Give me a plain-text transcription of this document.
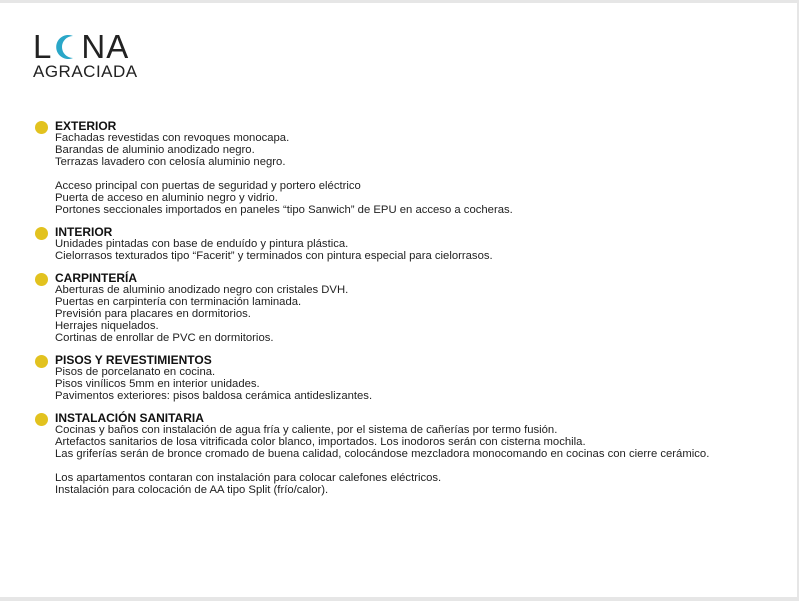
L NA
AGRACIADA
EXTERIOR
Fachadas revestidas con revoques monocapa.
Barandas de aluminio anodizado negro.
Terrazas lavadero con celosía aluminio negro.
Acceso principal con puertas de seguridad y portero eléctrico
Puerta de acceso en aluminio negro y vidrio.
Portones seccionales importados en paneles “tipo Sanwich” de EPU en acceso a cocheras.
INTERIOR
Unidades pintadas con base de enduído y pintura plástica.
Cielorrasos texturados tipo “Facerit” y terminados con pintura especial para cielorrasos.
CARPINTERÍA
Aberturas de aluminio anodizado negro con cristales DVH.
Puertas en carpintería con terminación laminada.
Previsión para placares en dormitorios.
Herrajes niquelados.
Cortinas de enrollar de PVC en dormitorios.
PISOS Y REVESTIMIENTOS
Pisos de porcelanato en cocina.
Pisos vinílicos 5mm en interior unidades.
Pavimentos exteriores: pisos baldosa cerámica antideslizantes.
INSTALACIÓN SANITARIA
Cocinas y baños con instalación de agua fría y caliente, por el sistema de cañerías por termo fusión.
Artefactos sanitarios de losa vitrificada color blanco, importados. Los inodoros serán con cisterna mochila.
Las griferías serán de bronce cromado de buena calidad, colocándose mezcladora monocomando en cocinas con cierre cerámico.
Los apartamentos contaran con instalación para colocar calefones eléctricos.
Instalación para colocación de AA tipo Split (frío/calor).
